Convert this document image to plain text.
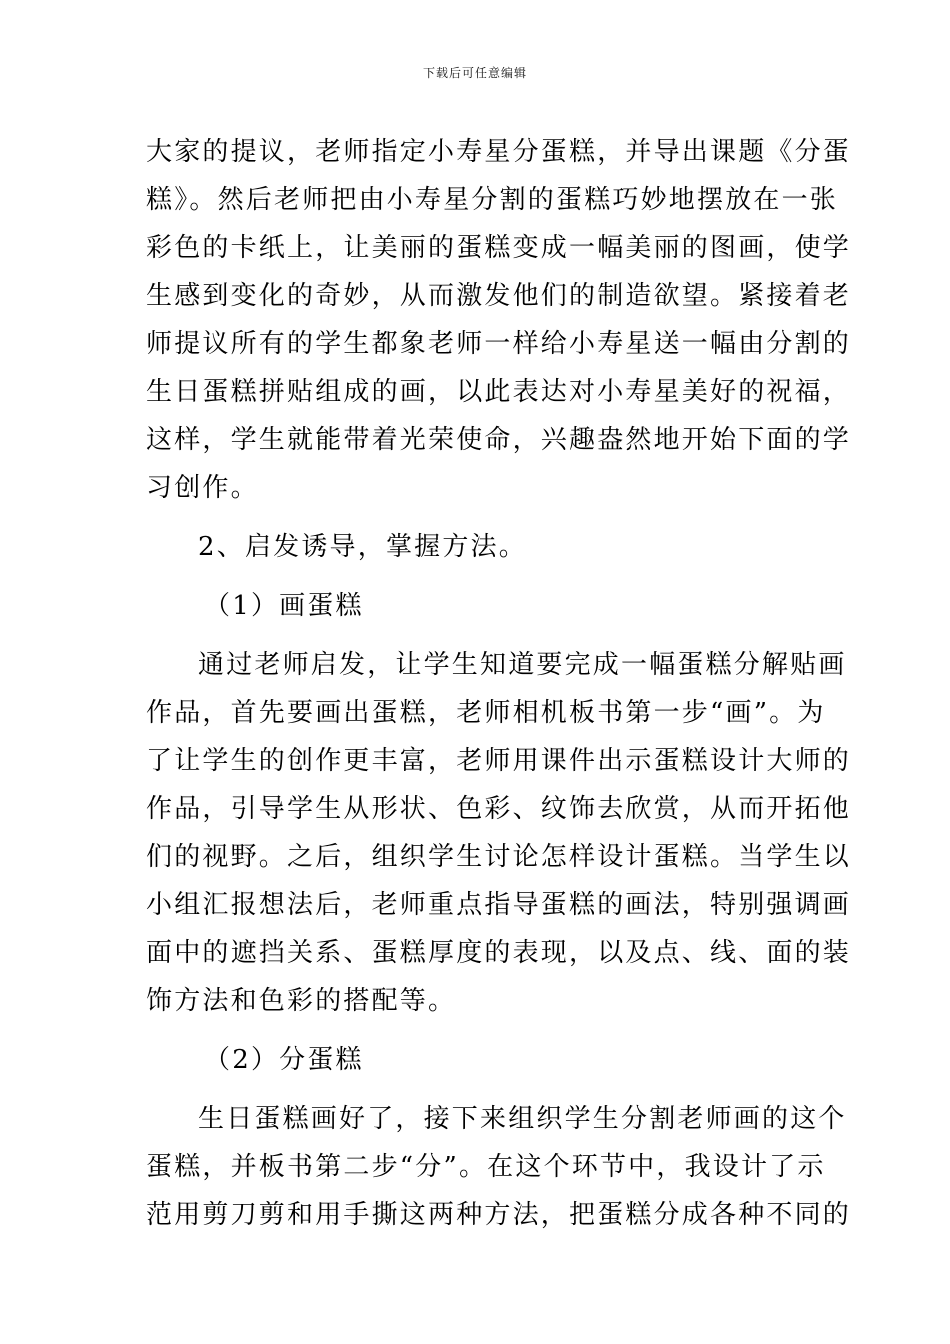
下载后可任意编辑
大家的提议，老师指定小寿星分蛋糕，并导出课题《分蛋
糕》。然后老师把由小寿星分割的蛋糕巧妙地摆放在一张
彩色的卡纸上，让美丽的蛋糕变成一幅美丽的图画，使学
生感到变化的奇妙，从而激发他们的制造欲望。紧接着老
师提议所有的学生都象老师一样给小寿星送一幅由分割的
生日蛋糕拼贴组成的画，以此表达对小寿星美好的祝福，
这样，学生就能带着光荣使命，兴趣盎然地开始下面的学
习创作。
2、启发诱导，掌握方法。
（1）画蛋糕
通过老师启发，让学生知道要完成一幅蛋糕分解贴画
作品，首先要画出蛋糕，老师相机板书第一步“画”。为
了让学生的创作更丰富，老师用课件出示蛋糕设计大师的
作品，引导学生从形状、色彩、纹饰去欣赏，从而开拓他
们的视野。之后，组织学生讨论怎样设计蛋糕。当学生以
小组汇报想法后，老师重点指导蛋糕的画法，特别强调画
面中的遮挡关系、蛋糕厚度的表现，以及点、线、面的装
饰方法和色彩的搭配等。
（2）分蛋糕
生日蛋糕画好了，接下来组织学生分割老师画的这个
蛋糕，并板书第二步“分”。在这个环节中，我设计了示
范用剪刀剪和用手撕这两种方法，把蛋糕分成各种不同的
